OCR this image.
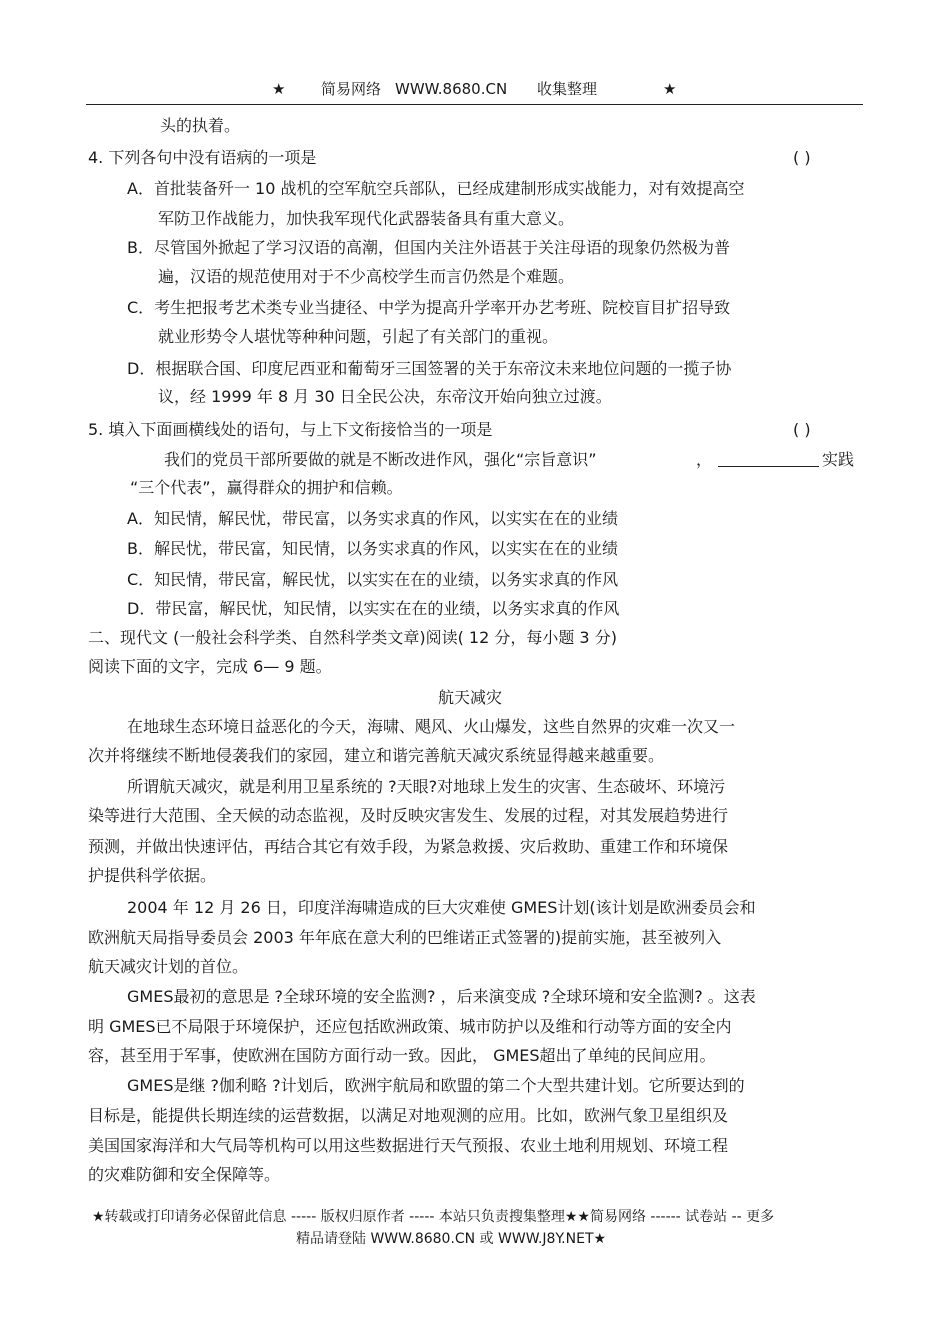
★ 简易网络 WWW.8680.CN 收集整理	★
头的执着。
4. 下列各句中没有语病的一项是	( )
A．首批装备歼一 10 战机的空军航空兵部队，已经成建制形成实战能力，对有效提高空
军防卫作战能力，加快我军现代化武器装备具有重大意义。
B．尽管国外掀起了学习汉语的高潮，但国内关注外语甚于关注母语的现象仍然极为普
遍，汉语的规范使用对于不少高校学生而言仍然是个难题。
C．考生把报考艺术类专业当捷径、中学为提高升学率开办艺考班、院校盲目扩招导致
就业形势令人堪忧等种种问题，引起了有关部门的重视。
D．根据联合国、印度尼西亚和葡萄牙三国签署的关于东帝汶未来地位问题的一揽子协
议，经 1999 年 8 月 30 日全民公决，东帝汶开始向独立过渡。
5. 填入下面画横线处的语句，与上下文衔接恰当的一项是	( )
我们的党员干部所要做的就是不断改进作风，强化“宗旨意识”	，	实践
“三个代表”，赢得群众的拥护和信赖。
A．知民情，解民忧，带民富，以务实求真的作风，以实实在在的业绩
B．解民忧，带民富，知民情，以务实求真的作风，以实实在在的业绩
C．知民情，带民富，解民忧，以实实在在的业绩，以务实求真的作风
D．带民富，解民忧，知民情，以实实在在的业绩，以务实求真的作风
二、现代文 (一般社会科学类、自然科学类文章)阅读( 12 分，每小题 3 分)
阅读下面的文字，完成 6— 9 题。
航天减灾
在地球生态环境日益恶化的今天，海啸、飓风、火山爆发，这些自然界的灾难一次又一
次并将继续不断地侵袭我们的家园，建立和谐完善航天减灾系统显得越来越重要。
所谓航天减灾，就是利用卫星系统的 ?天眼?对地球上发生的灾害、生态破坏、环境污
染等进行大范围、全天候的动态监视，及时反映灾害发生、发展的过程，对其发展趋势进行
预测，并做出快速评估，再结合其它有效手段，为紧急救援、灾后救助、重建工作和环境保
护提供科学依据。
2004 年 12 月 26 日，印度洋海啸造成的巨大灾难使 GMES计划(该计划是欧洲委员会和
欧洲航天局指导委员会 2003 年年底在意大利的巴维诺正式签署的)提前实施，甚至被列入
航天减灾计划的首位。
GMES最初的意思是 ?全球环境的安全监测? ，后来演变成 ?全球环境和安全监测? 。这表
明 GMES已不局限于环境保护，还应包括欧洲政策、城市防护以及维和行动等方面的安全内
容，甚至用于军事，使欧洲在国防方面行动一致。因此， GMES超出了单纯的民间应用。
GMES是继 ?伽利略 ?计划后，欧洲宇航局和欧盟的第二个大型共建计划。它所要达到的
目标是，能提供长期连续的运营数据，以满足对地观测的应用。比如，欧洲气象卫星组织及
美国国家海洋和大气局等机构可以用这些数据进行天气预报、农业土地利用规划、环境工程
的灾难防御和安全保障等。
★转载或打印请务必保留此信息 ----- 版权归原作者 ----- 本站只负责搜集整理★★简易网络 ------ 试卷站 -- 更多
精品请登陆 WWW.8680.CN 或 WWW.J8Y.NET★
